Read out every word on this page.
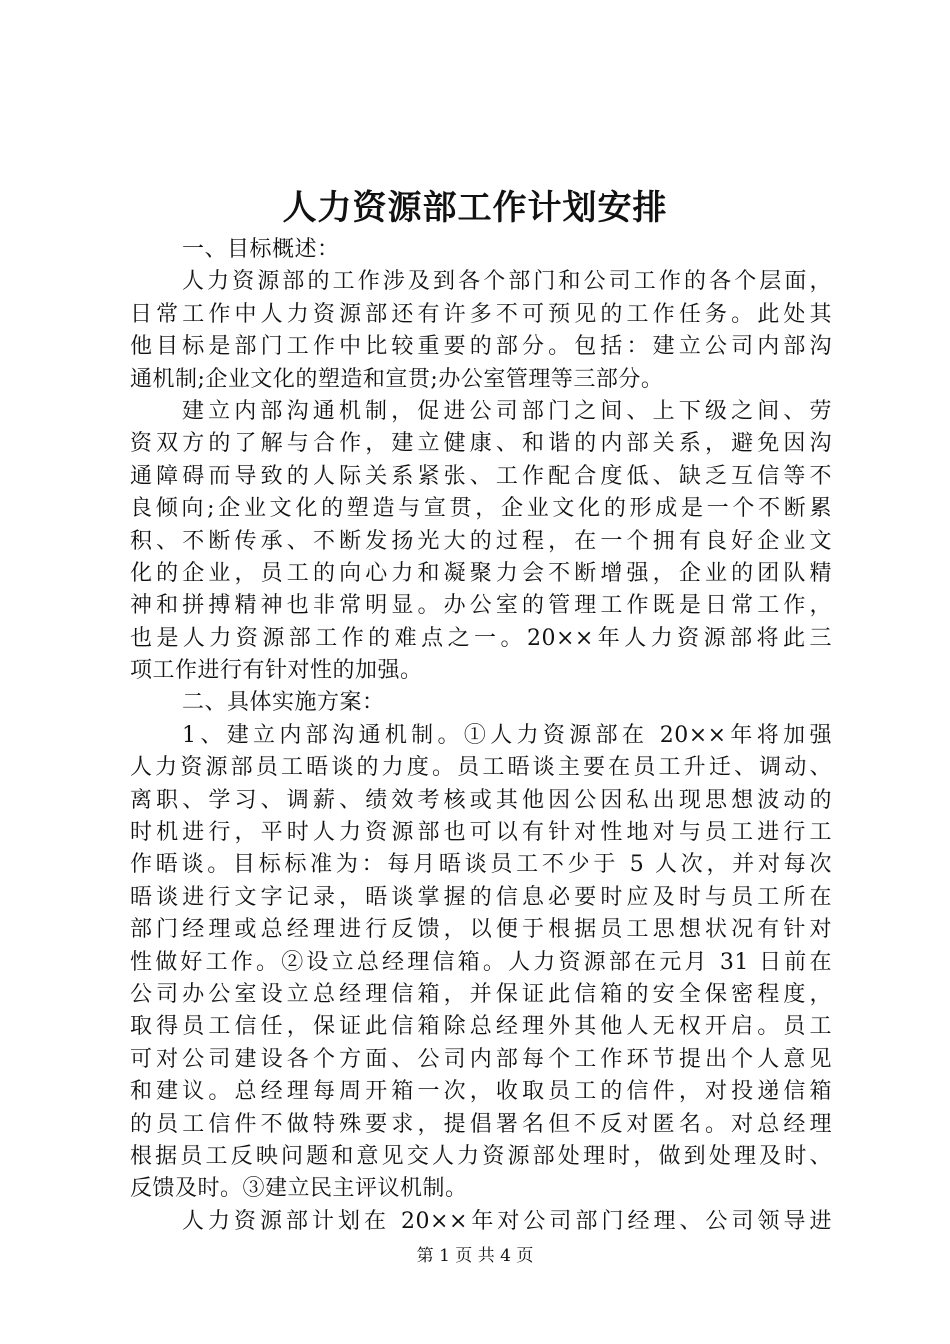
人力资源部工作计划安排
一、目标概述：
人力资源部的工作涉及到各个部门和公司工作的各个层面，
日常工作中人力资源部还有许多不可预见的工作任务。此处其
他目标是部门工作中比较重要的部分。包括：建立公司内部沟
通机制;企业文化的塑造和宣贯;办公室管理等三部分。
建立内部沟通机制，促进公司部门之间、上下级之间、劳
资双方的了解与合作，建立健康、和谐的内部关系，避免因沟
通障碍而导致的人际关系紧张、工作配合度低、缺乏互信等不
良倾向;企业文化的塑造与宣贯，企业文化的形成是一个不断累
积、不断传承、不断发扬光大的过程，在一个拥有良好企业文
化的企业，员工的向心力和凝聚力会不断增强，企业的团队精
神和拼搏精神也非常明显。办公室的管理工作既是日常工作，
也是人力资源部工作的难点之一。20××年人力资源部将此三
项工作进行有针对性的加强。
二、具体实施方案：
1、建立内部沟通机制。①人力资源部在 20××年将加强
人力资源部员工晤谈的力度。员工晤谈主要在员工升迁、调动、
离职、学习、调薪、绩效考核或其他因公因私出现思想波动的
时机进行，平时人力资源部也可以有针对性地对与员工进行工
作晤谈。目标标准为：每月晤谈员工不少于 5 人次，并对每次
晤谈进行文字记录，晤谈掌握的信息必要时应及时与员工所在
部门经理或总经理进行反馈，以便于根据员工思想状况有针对
性做好工作。②设立总经理信箱。人力资源部在元月 31 日前在
公司办公室设立总经理信箱，并保证此信箱的安全保密程度，
取得员工信任，保证此信箱除总经理外其他人无权开启。员工
可对公司建设各个方面、公司内部每个工作环节提出个人意见
和建议。总经理每周开箱一次，收取员工的信件，对投递信箱
的员工信件不做特殊要求，提倡署名但不反对匿名。对总经理
根据员工反映问题和意见交人力资源部处理时，做到处理及时、
反馈及时。③建立民主评议机制。
人力资源部计划在 20××年对公司部门经理、公司领导进
第 1 页 共 4 页
